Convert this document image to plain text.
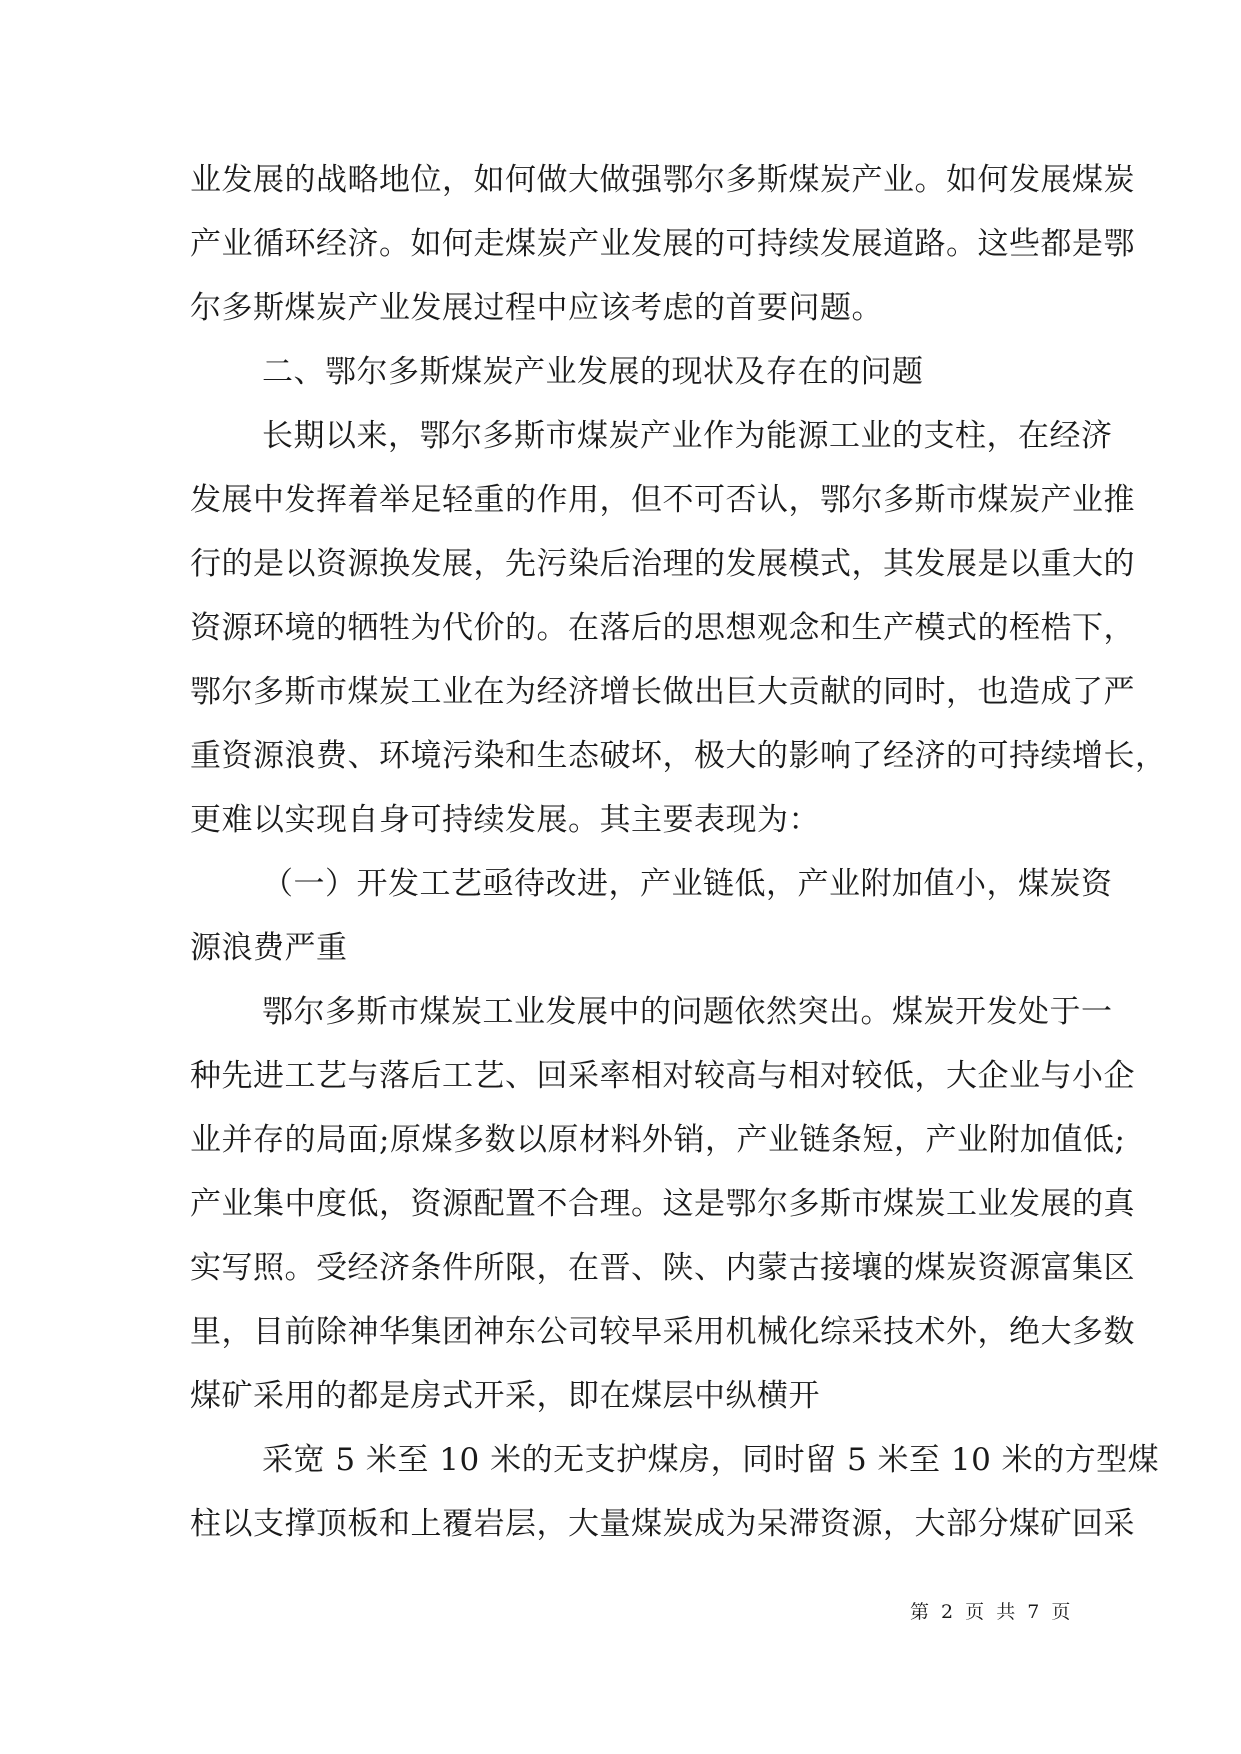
业发展的战略地位，如何做大做强鄂尔多斯煤炭产业。如何发展煤炭
产业循环经济。如何走煤炭产业发展的可持续发展道路。这些都是鄂
尔多斯煤炭产业发展过程中应该考虑的首要问题。
二、鄂尔多斯煤炭产业发展的现状及存在的问题
长期以来，鄂尔多斯市煤炭产业作为能源工业的支柱，在经济
发展中发挥着举足轻重的作用，但不可否认，鄂尔多斯市煤炭产业推
行的是以资源换发展，先污染后治理的发展模式，其发展是以重大的
资源环境的牺牲为代价的。在落后的思想观念和生产模式的桎梏下，
鄂尔多斯市煤炭工业在为经济增长做出巨大贡献的同时，也造成了严
重资源浪费、环境污染和生态破坏，极大的影响了经济的可持续增长，
更难以实现自身可持续发展。其主要表现为：
（一）开发工艺亟待改进，产业链低，产业附加值小，煤炭资
源浪费严重
鄂尔多斯市煤炭工业发展中的问题依然突出。煤炭开发处于一
种先进工艺与落后工艺、回采率相对较高与相对较低，大企业与小企
业并存的局面;原煤多数以原材料外销，产业链条短，产业附加值低;
产业集中度低，资源配置不合理。这是鄂尔多斯市煤炭工业发展的真
实写照。受经济条件所限，在晋、陕、内蒙古接壤的煤炭资源富集区
里，目前除神华集团神东公司较早采用机械化综采技术外，绝大多数
煤矿采用的都是房式开采，即在煤层中纵横开
采宽 5 米至 10 米的无支护煤房，同时留 5 米至 10 米的方型煤
柱以支撑顶板和上覆岩层，大量煤炭成为呆滞资源，大部分煤矿回采
第 2 页 共 7 页
